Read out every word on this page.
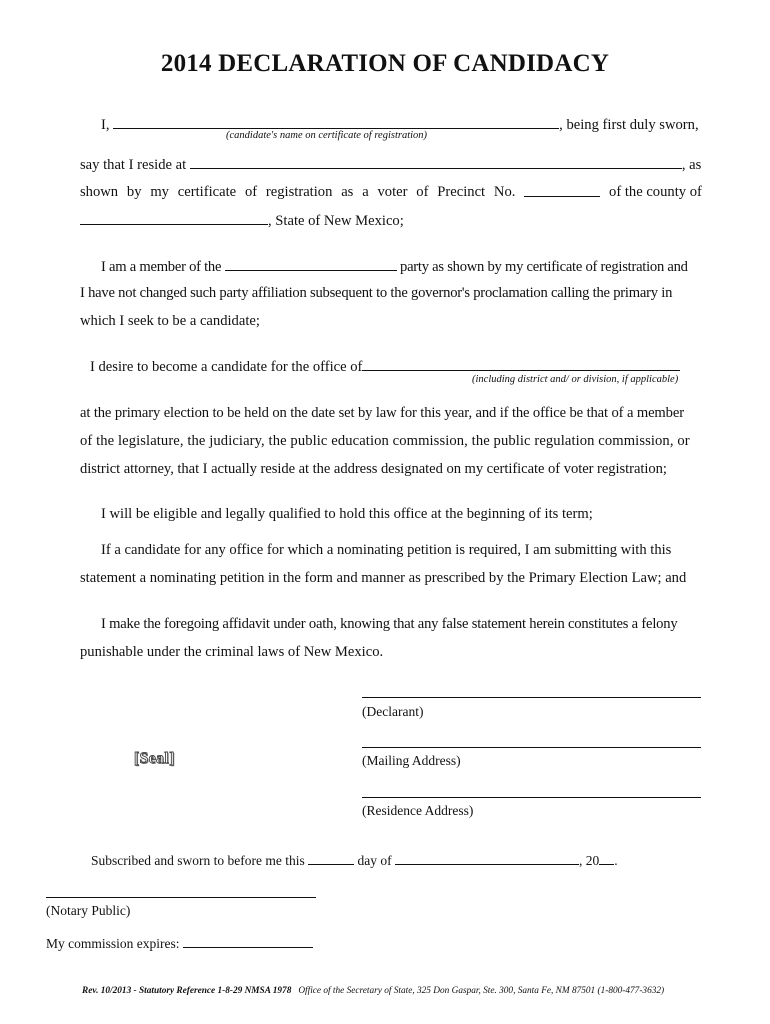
2014 DECLARATION OF CANDIDACY
I,	, being first duly sworn,
(candidate's name on certificate of registration)
say that I reside at	, as
shown by my certificate of registration as a voter of Precinct No.	of the county of
, State of New Mexico;
I am a member of the	party as shown by my certificate of registration and
I have not changed such party affiliation subsequent to the governor's proclamation calling the primary in
which I seek to be a candidate;
I desire to become a candidate for the office of
(including district and/ or division, if applicable)
at the primary election to be held on the date set by law for this year, and if the office be that of a member
of the legislature, the judiciary, the public education commission, the public regulation commission, or
district attorney, that I actually reside at the address designated on my certificate of voter registration;
I will be eligible and legally qualified to hold this office at the beginning of its term;
If a candidate for any office for which a nominating petition is required, I am submitting with this
statement a nominating petition in the form and manner as prescribed by the Primary Election Law; and
I make the foregoing affidavit under oath, knowing that any false statement herein constitutes a felony
punishable under the criminal laws of New Mexico.
(Declarant)
(Mailing Address)
[Seal]
(Residence Address)
Subscribed and sworn to before me this	day of	, 20 .
(Notary Public)
My commission expires:
Rev. 10/2013 - Statutory Reference 1-8-29 NMSA 1978 Office of the Secretary of State, 325 Don Gaspar, Ste. 300, Santa Fe, NM 87501 (1-800-477-3632)
